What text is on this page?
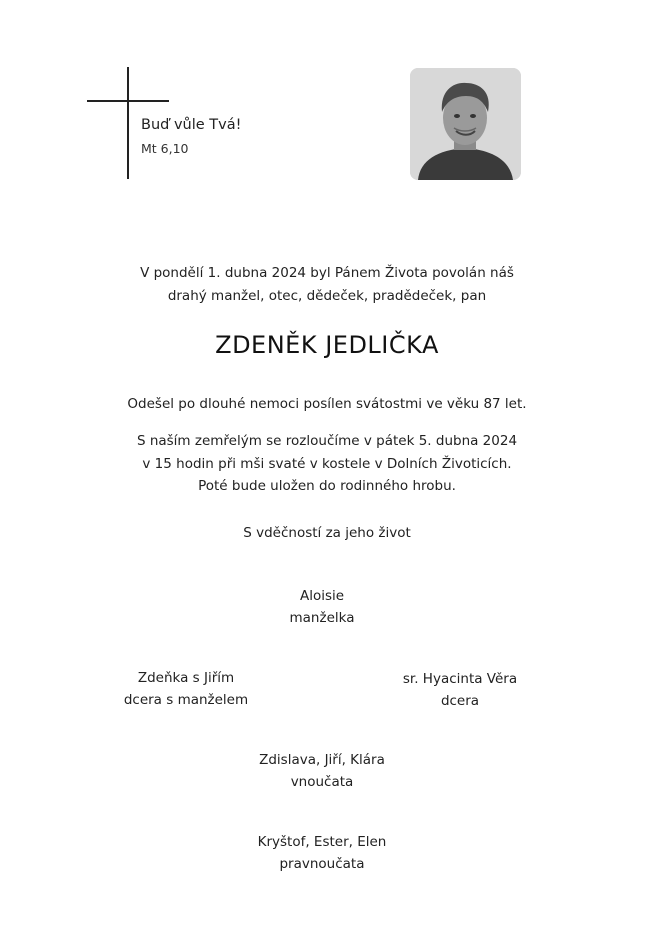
Buď vůle Tvá!
Mt 6,10
V pondělí 1. dubna 2024 byl Pánem Života povolán náš
drahý manžel, otec, dědeček, pradědeček, pan
ZDENĚK JEDLIČKA
Odešel po dlouhé nemoci posílen svátostmi ve věku 87 let.
S naším zemřelým se rozloučíme v pátek 5. dubna 2024
v 15 hodin při mši svaté v kostele v Dolních Životicích.
Poté bude uložen do rodinného hrobu.
S vděčností za jeho život
Aloisie
manželka
Zdeňka s Jiřím
dcera s manželem
sr. Hyacinta Věra
dcera
Zdislava, Jiří, Klára
vnoučata
Kryštof, Ester, Elen
pravnoučata
